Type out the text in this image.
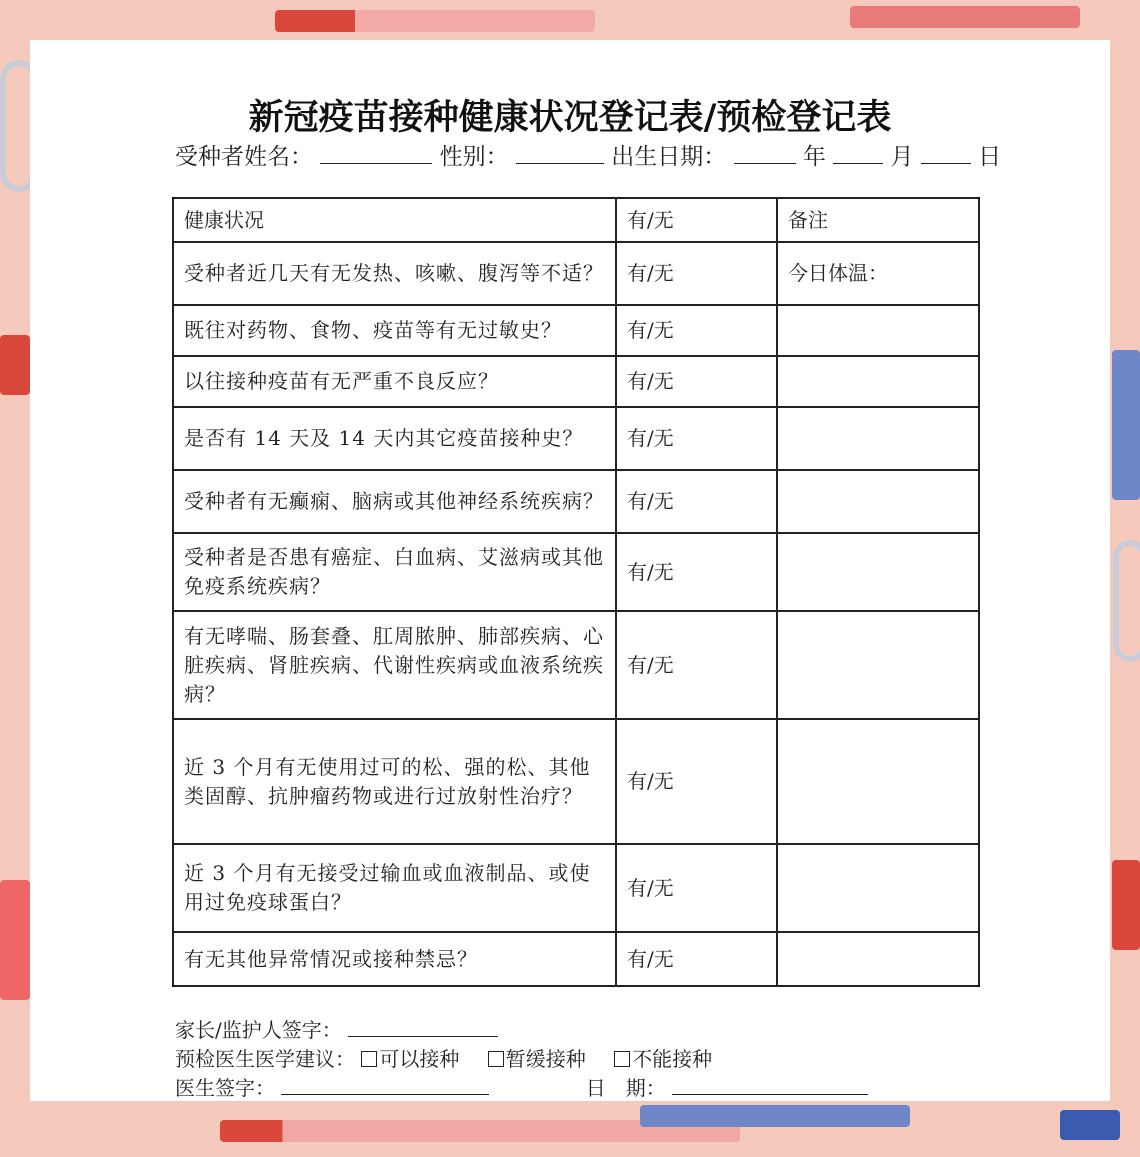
新冠疫苗接种健康状况登记表/预检登记表
受种者姓名：	性别：	出生日期：	年	月	日
健康状况	有/无	备注
受种者近几天有无发热、咳嗽、腹泻等不适？	有/无	今日体温：
既往对药物、食物、疫苗等有无过敏史？	有/无	
以往接种疫苗有无严重不良反应？	有/无	
是否有 14 天及 14 天内其它疫苗接种史？	有/无	
受种者有无癫痫、脑病或其他神经系统疾病？	有/无	
受种者是否患有癌症、白血病、艾滋病或其他免疫系统疾病？	有/无	
有无哮喘、肠套叠、肛周脓肿、肺部疾病、心脏疾病、肾脏疾病、代谢性疾病或血液系统疾病？	有/无	
近 3 个月有无使用过可的松、强的松、其他类固醇、抗肿瘤药物或进行过放射性治疗？	有/无	
近 3 个月有无接受过输血或血液制品、或使用过免疫球蛋白？	有/无	
有无其他异常情况或接种禁忌？	有/无	
家长/监护人签字：
预检医生医学建议： 可以接种 暂缓接种 不能接种
医生签字：	日　期：
